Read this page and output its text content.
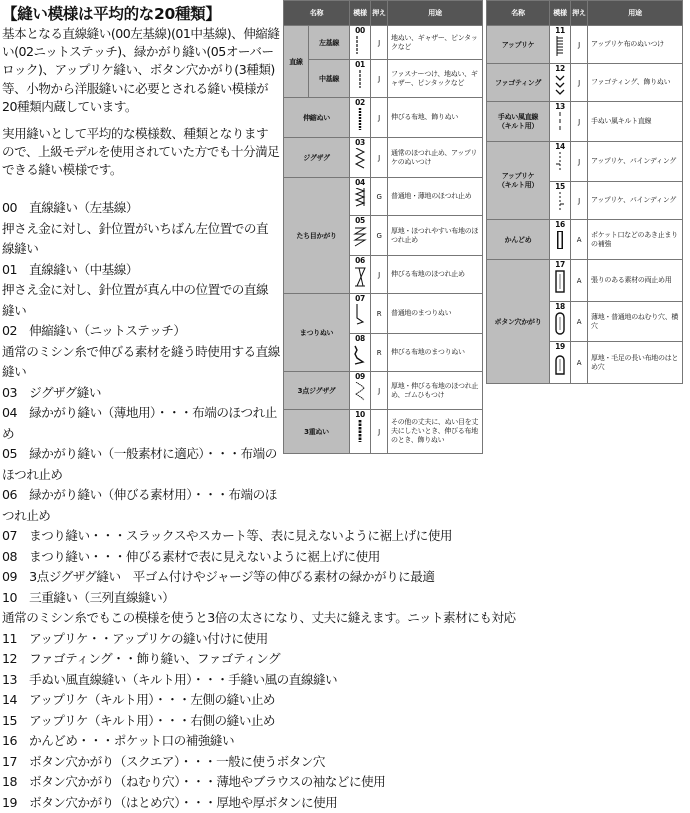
【縫い模様は平均的な20種類】

基本となる直線縫い(00左基線)(01中基線)、伸縮縫い(02ニットステッチ)、緑かがり縫い(05オーバーロック)、アップリケ縫い、ボタン穴かがり(3種類)等、小物から洋服縫いに必要とされる縫い模様が20種類内蔵しています。

実用縫いとして平均的な模様数、種類となりますので、上級モデルを使用されていた方でも十分満足できる縫い模様です。

00　直線縫い（左基線）
押さえ金に対し、針位置がいちばん左位置での直線縫い
01　直線縫い（中基線）
押さえ金に対し、針位置が真ん中の位置での直線縫い
02　伸縮縫い（ニットステッチ）
通常のミシン糸で伸びる素材を縫う時使用する直線縫い
03　ジグザグ縫い
04　緑かがり縫い（薄地用）・・・布端のほつれ止め
05　緑かがり縫い（一般素材に適応）・・・布端のほつれ止め
06　緑かがり縫い（伸びる素材用）・・・布端のほつれ止め
07　まつり縫い・・・スラックスやスカート等、表に見えないように裾上げに使用
08　まつり縫い・・・伸びる素材で表に見えないように裾上げに使用
09　3点ジグザグ縫い　平ゴム付けやジャージ等の伸びる素材の緑かがりに最適
10　三重縫い（三列直線縫い）
通常のミシン糸でもこの模様を使うと3倍の太さになり、丈夫に縫えます。ニット素材にも対応
11　アップリケ・・アップリケの縫い付けに使用
12　ファゴティング・・飾り縫い、ファゴティング
13　手ぬい風直線縫い（キルト用）・・・手縫い風の直線縫い
14　アップリケ（キルト用）・・・左側の縫い止め
15　アップリケ（キルト用）・・・右側の縫い止め
16　かんどめ・・・ポケット口の補強縫い
17　ボタン穴かがり（スクエア）・・・一般に使うボタン穴
18　ボタン穴かがり（ねむり穴）・・・薄地やブラウスの袖などに使用
19　ボタン穴かがり（はとめ穴）・・・厚地や厚ボタンに使用
名称		模様	押え	用途
直線	左基線	00	J	地ぬい、ギャザー、ピンタックなど
	中基線	01	J	ファスナーつけ、地ぬい、ギャザー、ピンタックなど
伸縮ぬい		02	J	伸びる布地、飾りぬい
ジグザグ		03	J	通常のほつれ止め、アップリケのぬいつけ
たち目かがり		04	G	普通地・薄地のほつれ止め
		05	G	厚地・ほつれやすい布地のほつれ止め
		06	J	伸びる布地のほつれ止め
まつりぬい		07	R	普通地のまつりぬい
		08	R	伸びる布地のまつりぬい
3点ジグザグ		09	J	厚地・伸びる布地のほつれ止め、ゴムひもつけ
3重ぬい		10	J	その他の丈夫に、ぬい目を丈夫にしたいとき、伸びる布地のとき、飾りぬい
名称	模様	押え	用途
アップリケ	11	J	アップリケ布のぬいつけ
ファゴティング	12	J	ファゴティング、飾りぬい
手ぬい風直線
（キルト用）	13	J	手ぬい風キルト直線
アップリケ
（キルト用）	14	J	アップリケ、パインディング
	15	J	アップリケ、パインディング
かんどめ	16	A	ポケット口などのあき止まりの補強
ボタン穴かがり	17	A	張りのある素材の両止め用
	18	A	薄地・普通地のねむり穴、横穴
	19	A	厚地・毛足の長い布地のはとめ穴
